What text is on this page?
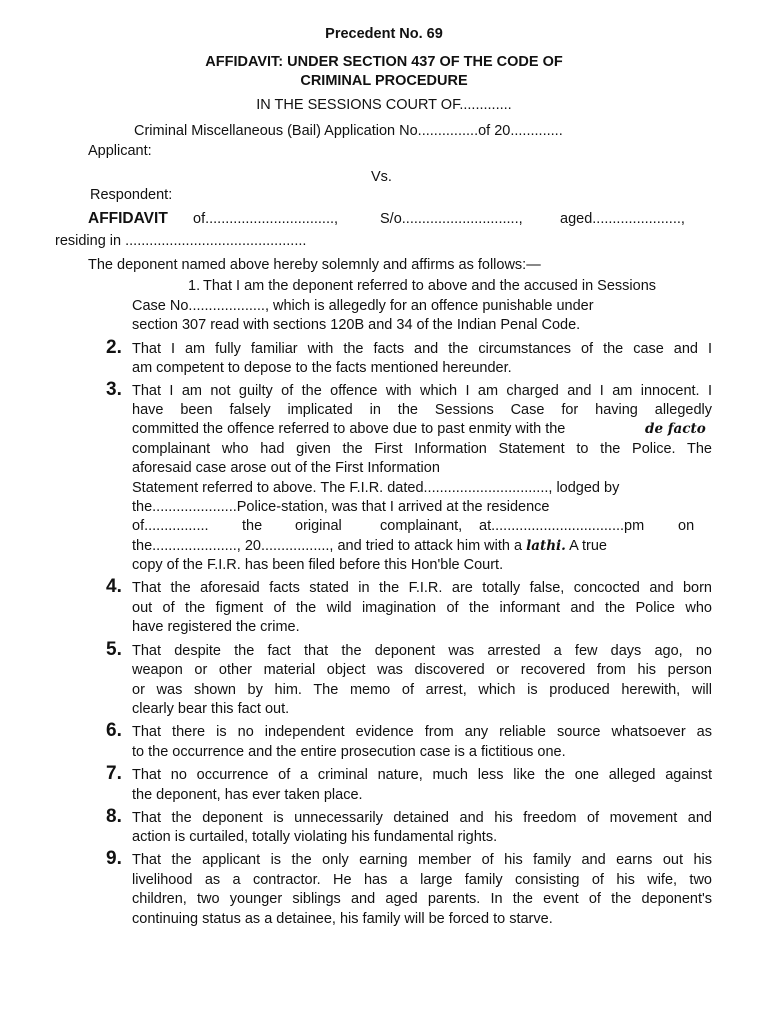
Precedent No. 69
AFFIDAVIT: UNDER SECTION 437 OF THE CODE OF
CRIMINAL PROCEDURE
IN THE SESSIONS COURT OF.............
Criminal Miscellaneous (Bail) Application No...............of 20.............
Applicant:
Vs.
Respondent:
AFFIDAVIT of................................,	S/o.............................,	aged......................,
residing in .............................................
The deponent named above hereby solemnly and affirms as follows:—
1. That I am the deponent referred to above and the accused in Sessions
Case No..................., which is allegedly for an offence punishable under
section 307 read with sections 120B and 34 of the Indian Penal Code.
2. That I am fully familiar with the facts and the circumstances of the case and I
am competent to depose to the facts mentioned hereunder.
3. That I am not guilty of the offence with which I am charged and I am innocent. I
have been falsely implicated in the Sessions Case for having allegedly
committed the offence referred to above due to past enmity with the	de facto
complainant who had given the First Information Statement to the Police. The
aforesaid case arose out of the First Information
Statement referred to above. The F.I.R. dated..............................., lodged by
the.....................Police-station, was that I arrived at the residence
of................ the original	complainant, at.................................pm on
the....................., 20................., and tried to attack him with a lathi. A true
copy of the F.I.R. has been filed before this Hon'ble Court.
4. That the aforesaid facts stated in the F.I.R. are totally false, concocted and born
out of the figment of the wild imagination of the informant and the Police who
have registered the crime.
5. That despite the fact that the deponent was arrested a few days ago, no
weapon or other material object was discovered or recovered from his person
or was shown by him. The memo of arrest, which is produced herewith, will
clearly bear this fact out.
6. That there is no independent evidence from any reliable source whatsoever as
to the occurrence and the entire prosecution case is a fictitious one.
7. That no occurrence of a criminal nature, much less like the one alleged against
the deponent, has ever taken place.
8. That the deponent is unnecessarily detained and his freedom of movement and
action is curtailed, totally violating his fundamental rights.
9. That the applicant is the only earning member of his family and earns out his
livelihood as a contractor. He has a large family consisting of his wife, two
children, two younger siblings and aged parents. In the event of the deponent's
continuing status as a detainee, his family will be forced to starve.
